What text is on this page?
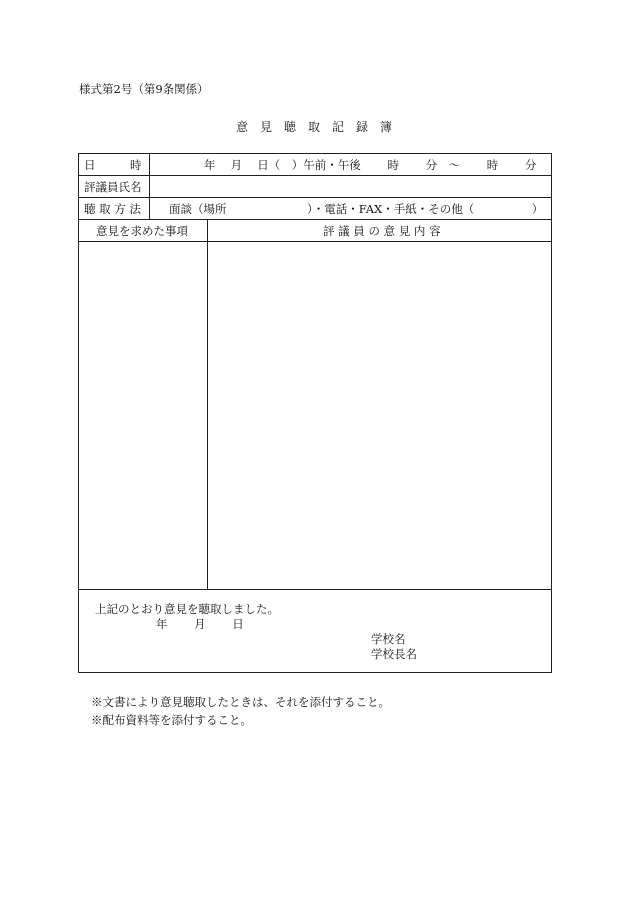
様式第2号（第9条関係）
意　見　聴　取　記　録　簿
日　　　時	年　 月　 日（　）午前・午後　　 時　　 分　～　　 時　　 分
評議員氏名
聴 取 方 法 面談（場所　　　　　　　）・電話・FAX・手紙・その他（　　　　　）
意見を求めた事項	評 議 員 の 意 見 内 容
上記のとおり意見を聴取しました。
年　　 月　　 日
学校名
学校長名
※文書により意見聴取したときは、それを添付すること。
※配布資料等を添付すること。
